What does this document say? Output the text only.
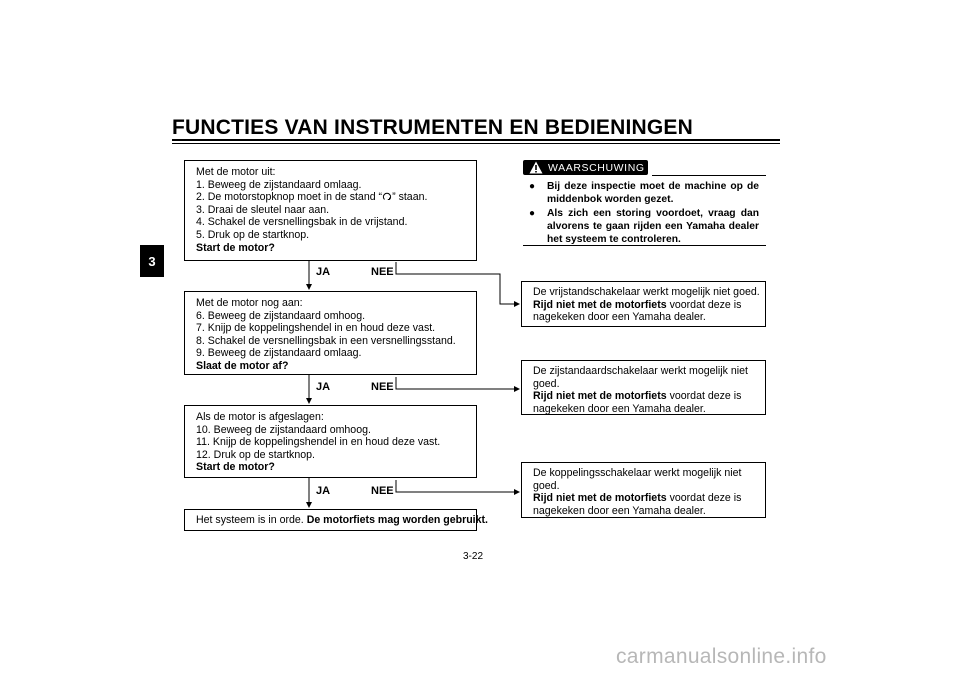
FUNCTIES VAN INSTRUMENTEN EN BEDIENINGEN
3
Met de motor uit:
1. Beweeg de zijstandaard omlaag.
2. De motorstopknop moet in de stand “ ” staan.
3. Draai de sleutel naar aan.
4. Schakel de versnellingsbak in de vrijstand.
5. Druk op de startknop.
Start de motor?
JA	NEE
Met de motor nog aan:
6. Beweeg de zijstandaard omhoog.
7. Knijp de koppelingshendel in en houd deze vast.
8. Schakel de versnellingsbak in een versnellingsstand.
9. Beweeg de zijstandaard omlaag.
Slaat de motor af?
JA	NEE
Als de motor is afgeslagen:
10. Beweeg de zijstandaard omhoog.
11. Knijp de koppelingshendel in en houd deze vast.
12. Druk op de startknop.
Start de motor?
JA	NEE
Het systeem is in orde. De motorfiets mag worden gebruikt.
WAARSCHUWING
● Bij deze inspectie moet de machine op de middenbok worden gezet.
● Als zich een storing voordoet, vraag dan alvorens te gaan rijden een Yamaha dealer het systeem te controleren.
De vrijstandschakelaar werkt mogelijk niet goed.
Rijd niet met de motorfiets voordat deze is
nagekeken door een Yamaha dealer.
De zijstandaardschakelaar werkt mogelijk niet
goed.
Rijd niet met de motorfiets voordat deze is
nagekeken door een Yamaha dealer.
De koppelingsschakelaar werkt mogelijk niet
goed.
Rijd niet met de motorfiets voordat deze is
nagekeken door een Yamaha dealer.
3-22
carmanualsonline.info
